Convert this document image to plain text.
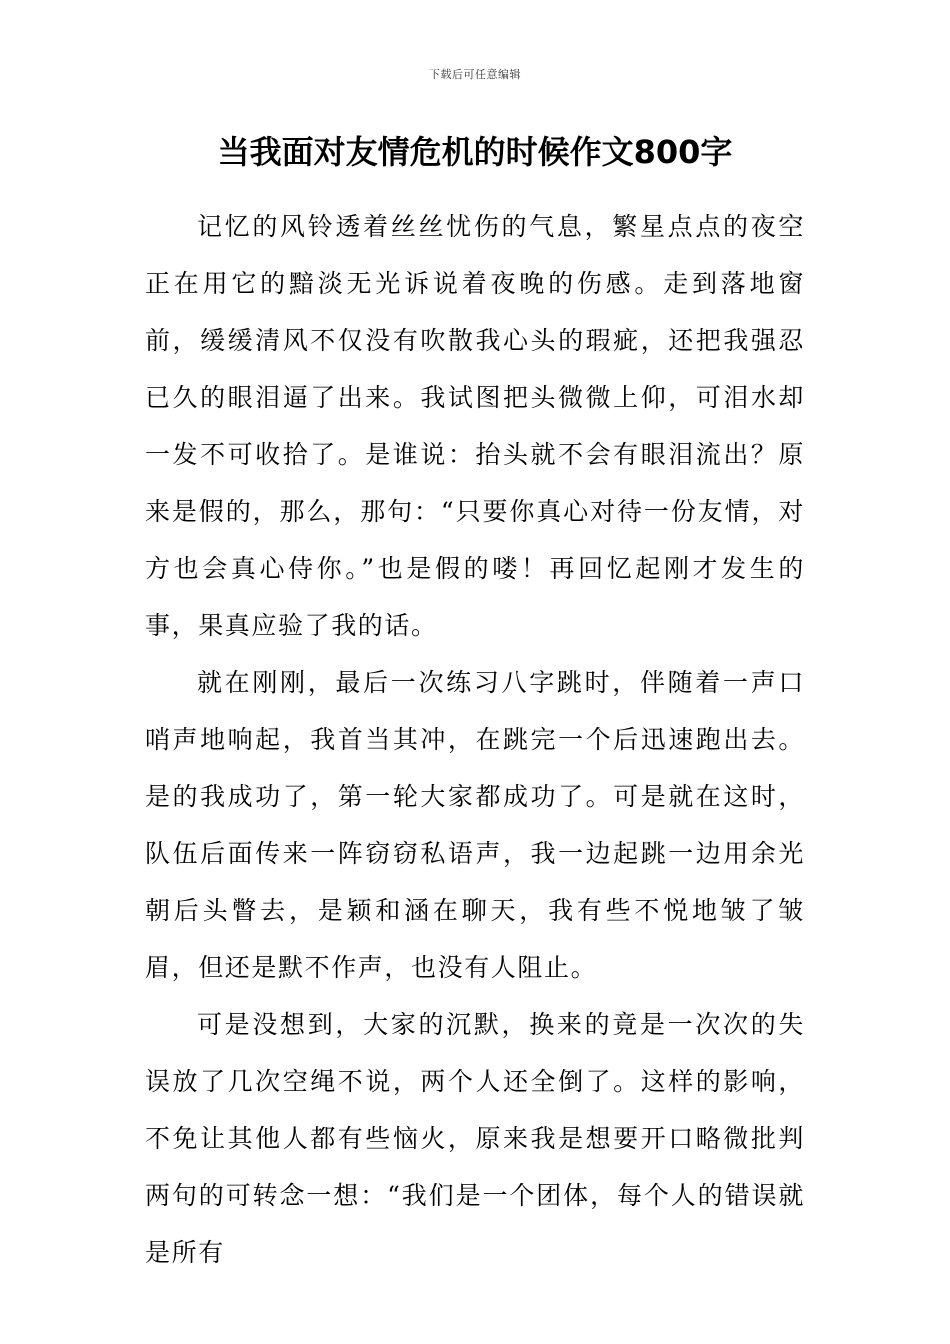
下载后可任意编辑
当我面对友情危机的时候作文800字

记忆的风铃透着丝丝忧伤的气息，繁星点点的夜空正在用它的黯淡无光诉说着夜晚的伤感。走到落地窗前，缓缓清风不仅没有吹散我心头的瑕疵，还把我强忍已久的眼泪逼了出来。我试图把头微微上仰，可泪水却一发不可收拾了。是谁说：抬头就不会有眼泪流出？原来是假的，那么，那句：“只要你真心对待一份友情，对方也会真心侍你。”也是假的喽！再回忆起刚才发生的事，果真应验了我的话。

就在刚刚，最后一次练习八字跳时，伴随着一声口哨声地响起，我首当其冲，在跳完一个后迅速跑出去。是的我成功了，第一轮大家都成功了。可是就在这时，队伍后面传来一阵窃窃私语声，我一边起跳一边用余光朝后头瞥去，是颖和涵在聊天，我有些不悦地皱了皱眉，但还是默不作声，也没有人阻止。

可是没想到，大家的沉默，换来的竟是一次次的失误放了几次空绳不说，两个人还全倒了。这样的影响，不免让其他人都有些恼火，原来我是想要开口略微批判两句的可转念一想：“我们是一个团体，每个人的错误就是所有
